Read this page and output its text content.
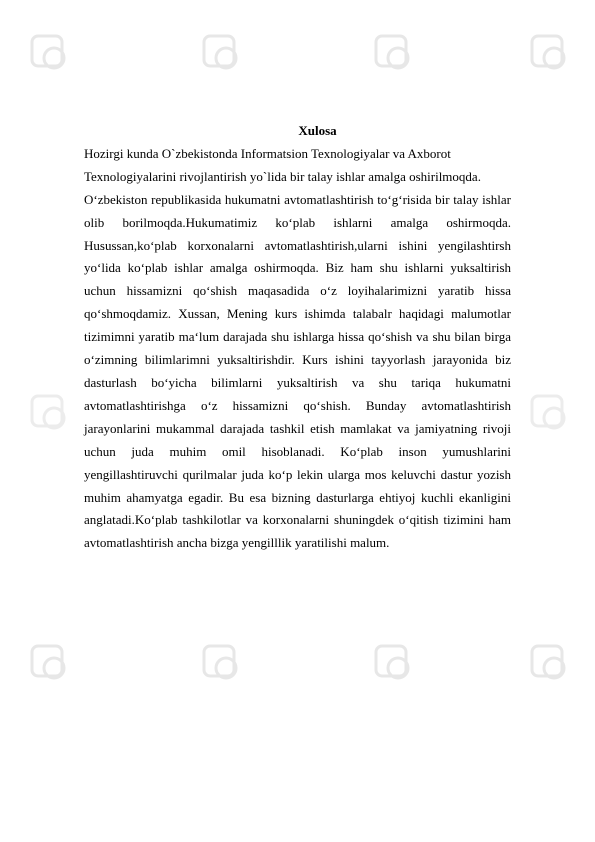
Xulosa
Hozirgi kunda O`zbekistonda Informatsion Texnologiyalar va Axborot
Texnologiyalarini rivojlantirish yo`lida bir talay ishlar amalga oshirilmoqda.

O‘zbekiston republikasida hukumatni avtomatlashtirish to‘g‘risida bir talay ishlar olib borilmoqda.Hukumatimiz ko‘plab ishlarni amalga oshirmoqda. Husussan,ko‘plab korxonalarni avtomatlashtirish,ularni ishini yengilashtirsh yo‘lida ko‘plab ishlar amalga oshirmoqda. Biz ham shu ishlarni yuksaltirish uchun hissamizni qo‘shish maqasadida o‘z loyihalarimizni yaratib hissa qo‘shmoqdamiz. Xussan, Mening kurs ishimda talabalr haqidagi malumotlar tizimimni yaratib ma‘lum darajada shu ishlarga hissa qo‘shish va shu bilan birga o‘zimning bilimlarimni yuksaltirishdir. Kurs ishini tayyorlash jarayonida biz dasturlash bo‘yicha bilimlarni yuksaltirish va shu tariqa hukumatni avtomatlashtirishga o‘z hissamizni qo‘shish. Bunday avtomatlashtirish jarayonlarini mukammal darajada tashkil etish mamlakat va jamiyatning rivoji uchun juda muhim omil hisoblanadi. Ko‘plab inson yumushlarini yengillashtiruvchi qurilmalar juda ko‘p lekin ularga mos keluvchi dastur yozish muhim ahamyatga egadir. Bu esa bizning dasturlarga ehtiyoj kuchli ekanligini anglatadi.Ko‘plab tashkilotlar va korxonalarni shuningdek o‘qitish tizimini ham avtomatlashtirish ancha bizga yengilllik yaratilishi malum.
